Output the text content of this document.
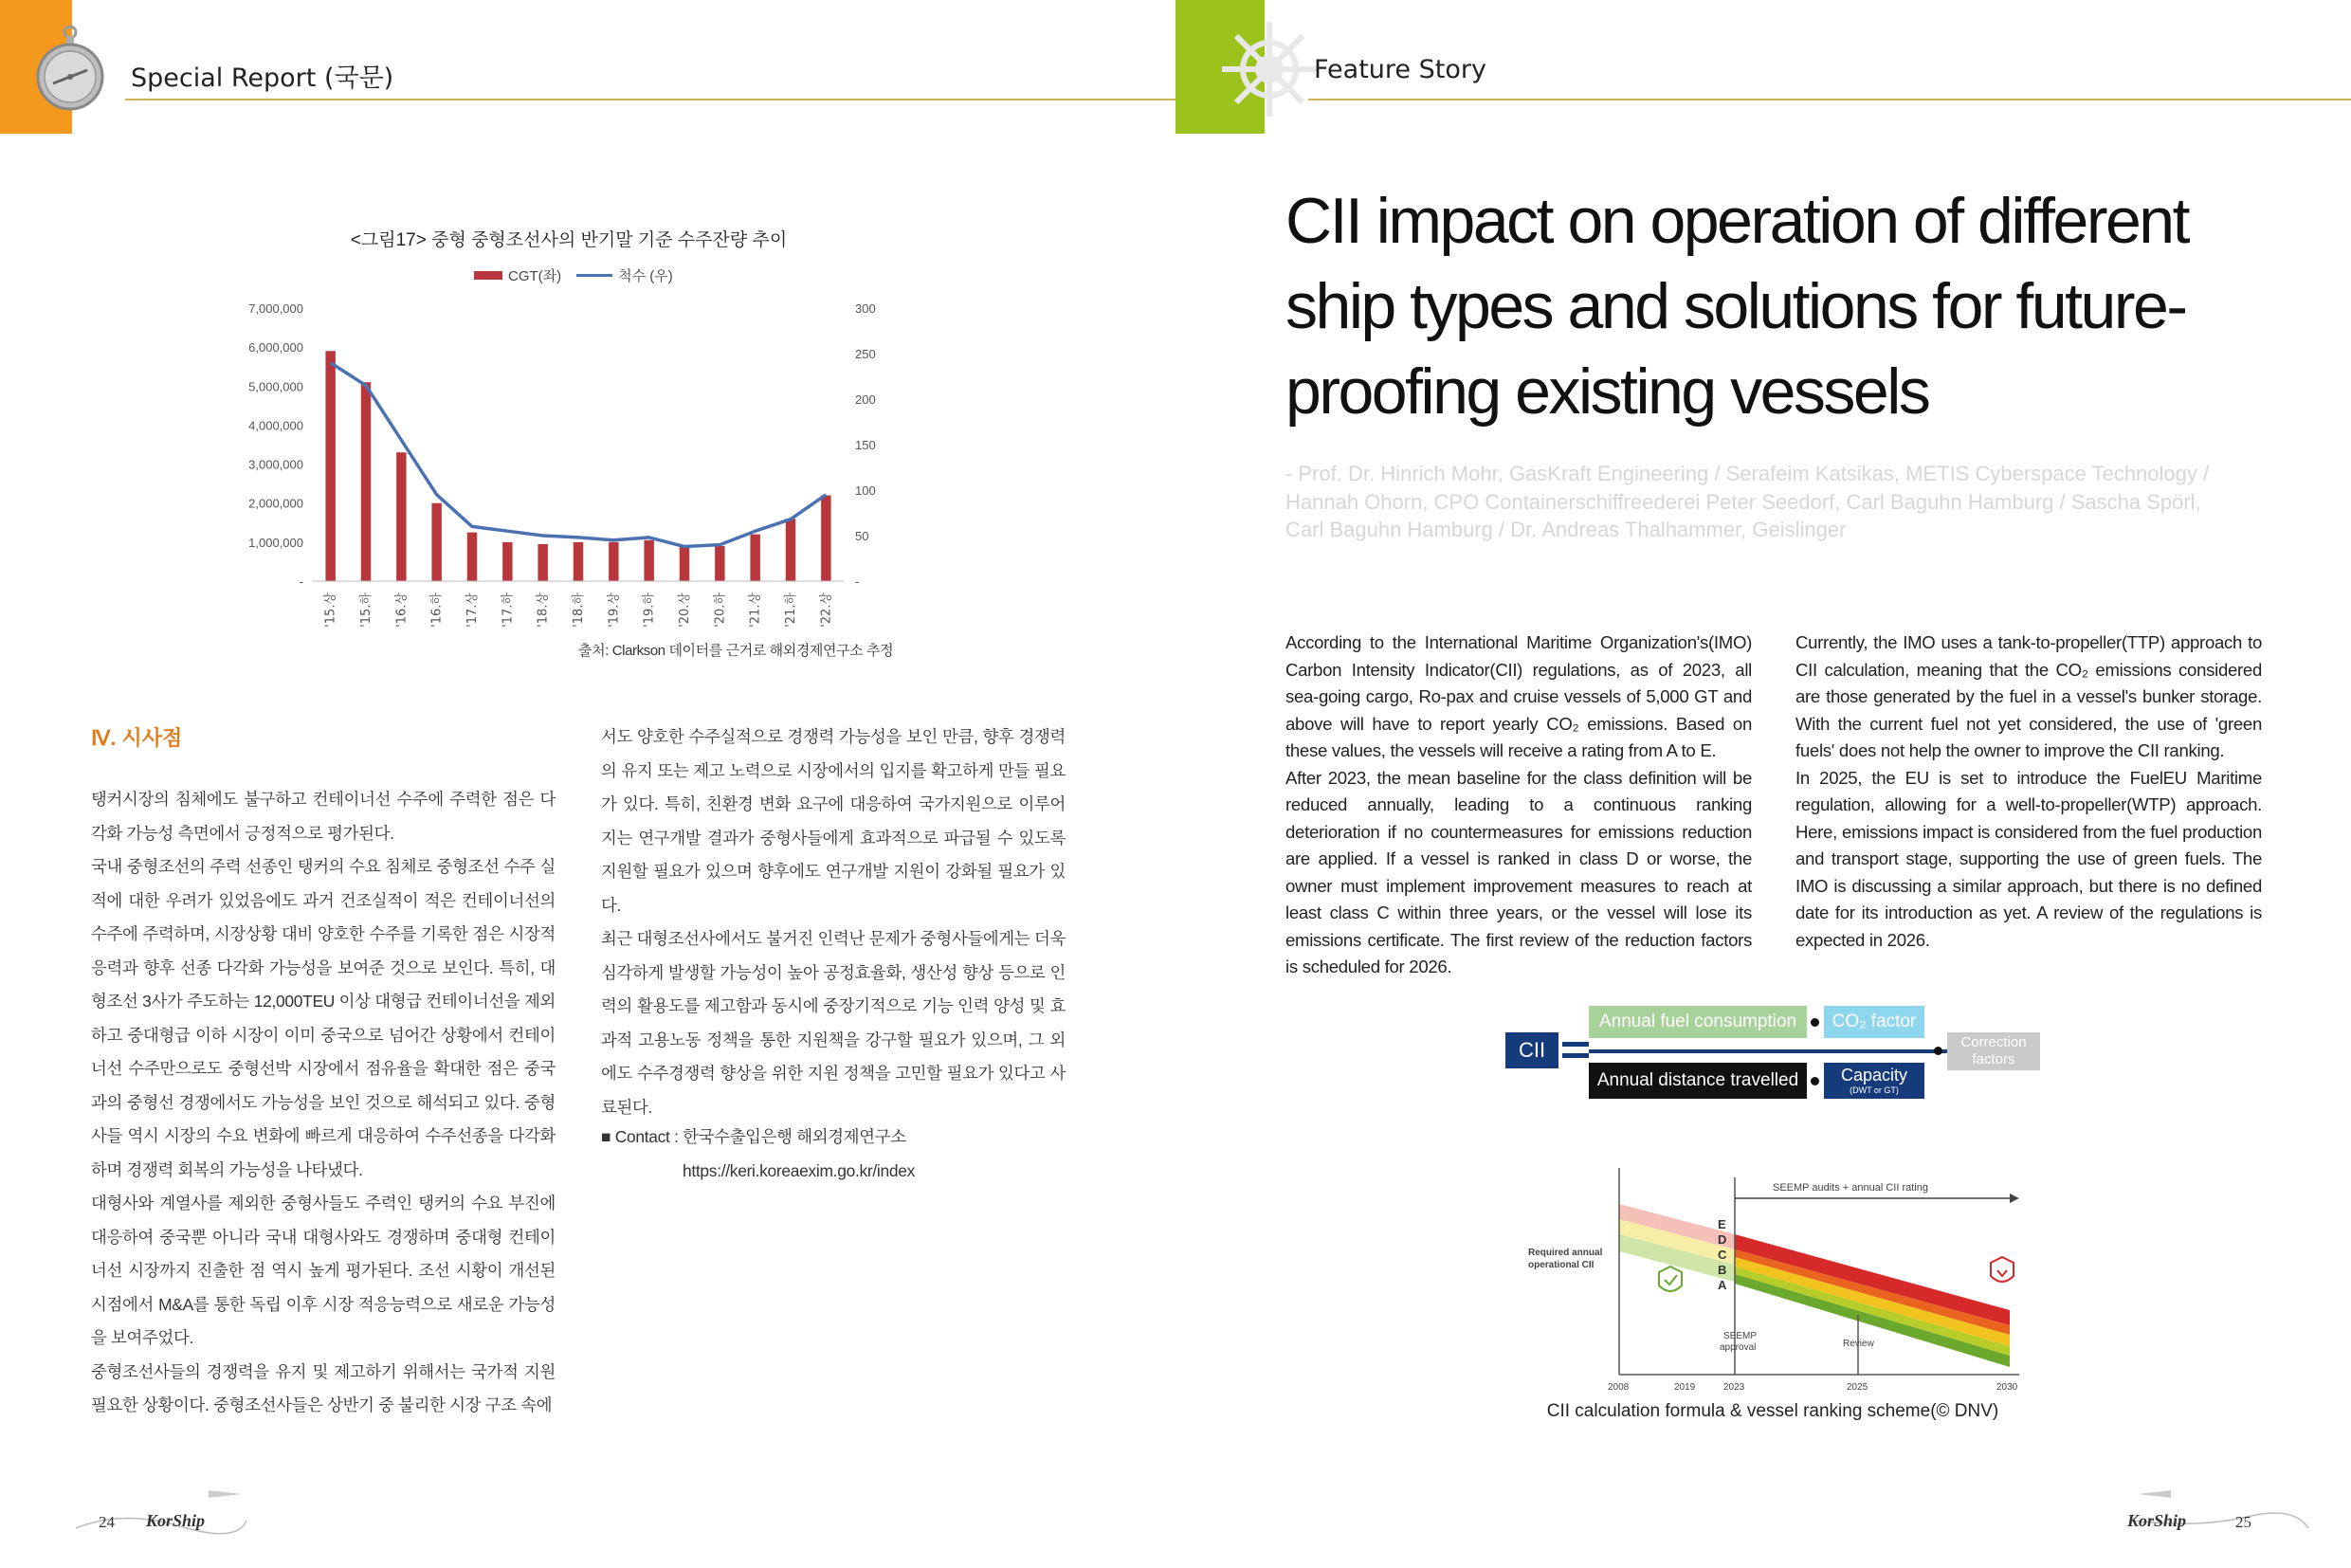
Special Report (국문)	Feature Story
<그림17> 중형 중형조선사의 반기말 기준 수주잔량 추이
CGT(좌)	척수 (우)
7,000,000
6,000,000
5,000,000
4,000,000
3,000,000
2,000,000
1,000,000
-
300
250
200
150
100
50
-
'15.상 '15.하 '16.상 '16.하 '17.상 '17.하 '18.상 '18.하 '19.상 '19.하 '20.상 '20.하 '21.상 '21.하 '22.상
출처: Clarkson 데이터를 근거로 해외경제연구소 추정
Ⅳ. 시사점

탱커시장의 침체에도 불구하고 컨테이너선 수주에 주력한 점은 다각화 가능성 측면에서 긍정적으로 평가된다.

국내 중형조선의 주력 선종인 탱커의 수요 침체로 중형조선 수주 실적에 대한 우려가 있었음에도 과거 건조실적이 적은 컨테이너선의 수주에 주력하며, 시장상황 대비 양호한 수주를 기록한 점은 시장적응력과 향후 선종 다각화 가능성을 보여준 것으로 보인다. 특히, 대형조선 3사가 주도하는 12,000TEU 이상 대형급 컨테이너선을 제외하고 중대형급 이하 시장이 이미 중국으로 넘어간 상황에서 컨테이너선 수주만으로도 중형선박 시장에서 점유율을 확대한 점은 중국과의 중형선 경쟁에서도 가능성을 보인 것으로 해석되고 있다. 중형사들 역시 시장의 수요 변화에 빠르게 대응하여 수주선종을 다각화하며 경쟁력 회복의 가능성을 나타냈다.

대형사와 계열사를 제외한 중형사들도 주력인 탱커의 수요 부진에 대응하여 중국뿐 아니라 국내 대형사와도 경쟁하며 중대형 컨테이너선 시장까지 진출한 점 역시 높게 평가된다. 조선 시황이 개선된 시점에서 M&A를 통한 독립 이후 시장 적응능력으로 새로운 가능성을 보여주었다.

중형조선사들의 경쟁력을 유지 및 제고하기 위해서는 국가적 지원 필요한 상황이다. 중형조선사들은 상반기 중 불리한 시장 구조 속에

서도 양호한 수주실적으로 경쟁력 가능성을 보인 만큼, 향후 경쟁력의 유지 또는 제고 노력으로 시장에서의 입지를 확고하게 만들 필요가 있다. 특히, 친환경 변화 요구에 대응하여 국가지원으로 이루어지는 연구개발 결과가 중형사들에게 효과적으로 파급될 수 있도록 지원할 필요가 있으며 향후에도 연구개발 지원이 강화될 필요가 있다.

최근 대형조선사에서도 불거진 인력난 문제가 중형사들에게는 더욱 심각하게 발생할 가능성이 높아 공정효율화, 생산성 향상 등으로 인력의 활용도를 제고함과 동시에 중장기적으로 기능 인력 양성 및 효과적 고용노동 정책을 통한 지원책을 강구할 필요가 있으며, 그 외에도 수주경쟁력 향상을 위한 지원 정책을 고민할 필요가 있다고 사료된다.

■ Contact : 한국수출입은행 해외경제연구소
https://keri.koreaexim.go.kr/index
24 KorShip
CII impact on operation of different
ship types and solutions for future-
proofing existing vessels
- Prof. Dr. Hinrich Mohr, GasKraft Engineering / Serafeim Katsikas, METIS Cyberspace Technology /
Hannah Ohorn, CPO Containerschiffreederei Peter Seedorf, Carl Baguhn Hamburg / Sascha Spörl,
Carl Baguhn Hamburg / Dr. Andreas Thalhammer, Geislinger

According to the International Maritime Organization's(IMO) Carbon Intensity Indicator(CII) regulations, as of 2023, all sea-going cargo, Ro-pax and cruise vessels of 5,000 GT and above will have to report yearly CO₂ emissions. Based on these values, the vessels will receive a rating from A to E.

After 2023, the mean baseline for the class definition will be reduced annually, leading to a continuous ranking deterioration if no countermeasures for emissions reduction are applied. If a vessel is ranked in class D or worse, the owner must implement improvement measures to reach at least class C within three years, or the vessel will lose its emissions certificate. The first review of the reduction factors is scheduled for 2026.

Currently, the IMO uses a tank-to-propeller(TTP) approach to CII calculation, meaning that the CO₂ emissions considered are those generated by the fuel in a vessel's bunker storage. With the current fuel not yet considered, the use of 'green fuels' does not help the owner to improve the CII ranking.

In 2025, the EU is set to introduce the FuelEU Maritime regulation, allowing for a well-to-propeller(WTP) approach. Here, emissions impact is considered from the fuel production and transport stage, supporting the use of green fuels. The IMO is discussing a similar approach, but there is no defined date for its introduction as yet. A review of the regulations is expected in 2026.

CII
Annual fuel consumption	CO₂ factor
Annual distance travelled	Capacity
(DWT or GT)
Correction factors
SEEMP audits + annual CII rating
Required annual
operational CII
E
D
C
B
A
SEEMP
approval	Review
2008	2019	2023	2025	2030
CII calculation formula & vessel ranking scheme(© DNV)
KorShip	25
